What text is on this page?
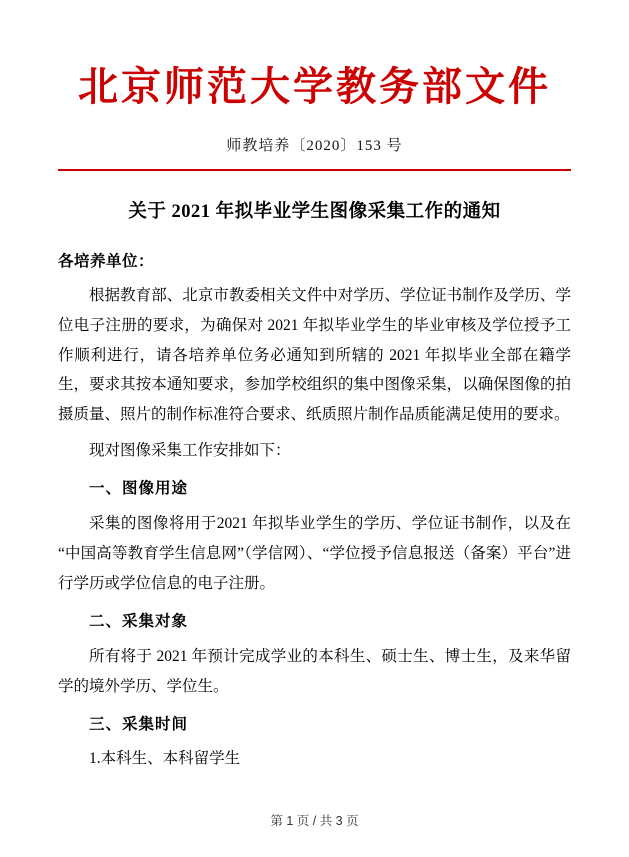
北京师范大学教务部文件
师教培养〔2020〕153 号
关于 2021 年拟毕业学生图像采集工作的通知
各培养单位：

根据教育部、北京市教委相关文件中对学历、学位证书制作及学历、学位电子注册的要求，为确保对 2021 年拟毕业学生的毕业审核及学位授予工作顺利进行，请各培养单位务必通知到所辖的 2021 年拟毕业全部在籍学生，要求其按本通知要求，参加学校组织的集中图像采集，以确保图像的拍摄质量、照片的制作标准符合要求、纸质照片制作品质能满足使用的要求。

现对图像采集工作安排如下：

一、图像用途

采集的图像将用于2021 年拟毕业学生的学历、学位证书制作，以及在 “中国高等教育学生信息网”（学信网）、“学位授予信息报送（备案）平台”进行学历或学位信息的电子注册。

二、采集对象

所有将于 2021 年预计完成学业的本科生、硕士生、博士生，及来华留学的境外学历、学位生。

三、采集时间
1.本科生、本科留学生
第 1 页 / 共 3 页
